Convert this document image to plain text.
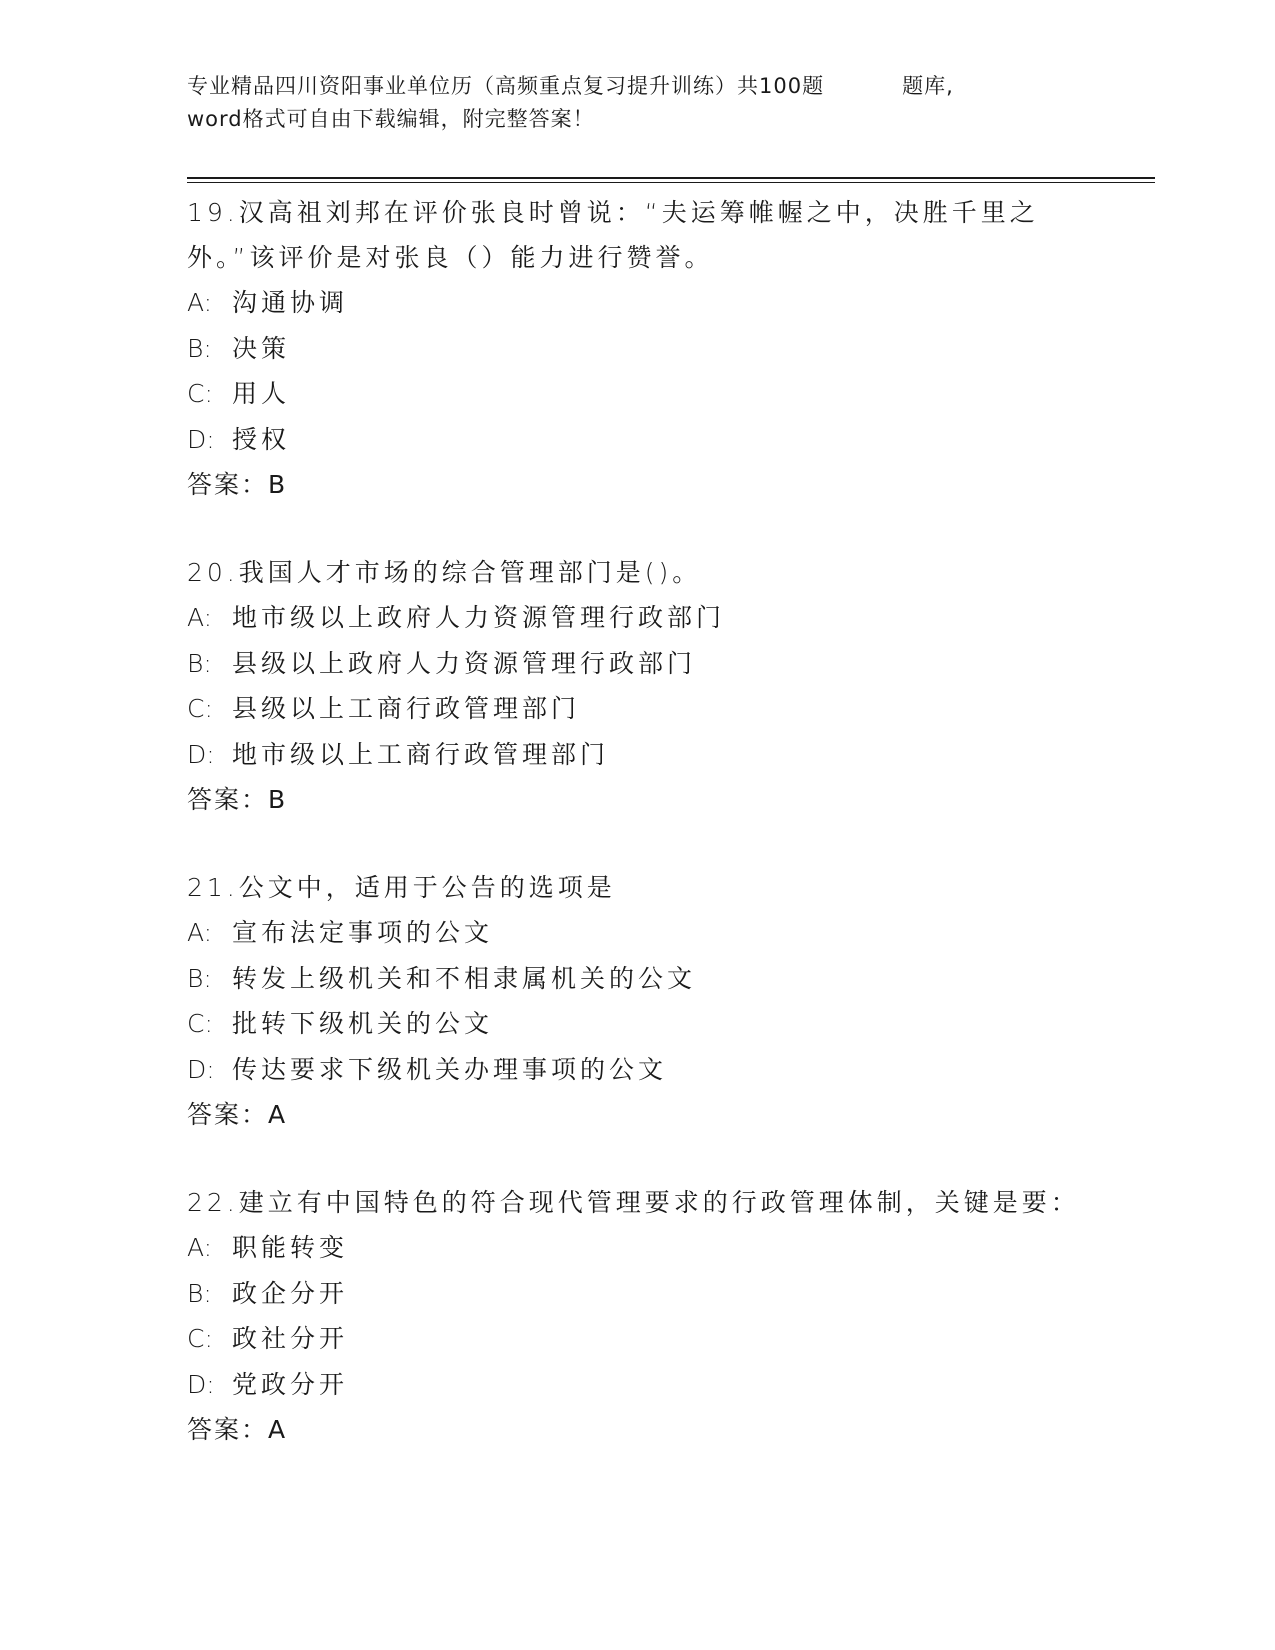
专业精品四川资阳事业单位历（高频重点复习提升训练）共100题	题库,
word格式可自由下载编辑，附完整答案！
19.汉高祖刘邦在评价张良时曾说：“夫运筹帷幄之中，决胜千里之外。”该评价是对张良（）能力进行赞誉。
A: 沟通协调
B: 决策
C: 用人
D: 授权
答案：B
20.我国人才市场的综合管理部门是()。
A: 地市级以上政府人力资源管理行政部门
B: 县级以上政府人力资源管理行政部门
C: 县级以上工商行政管理部门
D: 地市级以上工商行政管理部门
答案：B
21.公文中，适用于公告的选项是
A: 宣布法定事项的公文
B: 转发上级机关和不相隶属机关的公文
C: 批转下级机关的公文
D: 传达要求下级机关办理事项的公文
答案：A
22.建立有中国特色的符合现代管理要求的行政管理体制，关键是要：
A: 职能转变
B: 政企分开
C: 政社分开
D: 党政分开
答案：A
